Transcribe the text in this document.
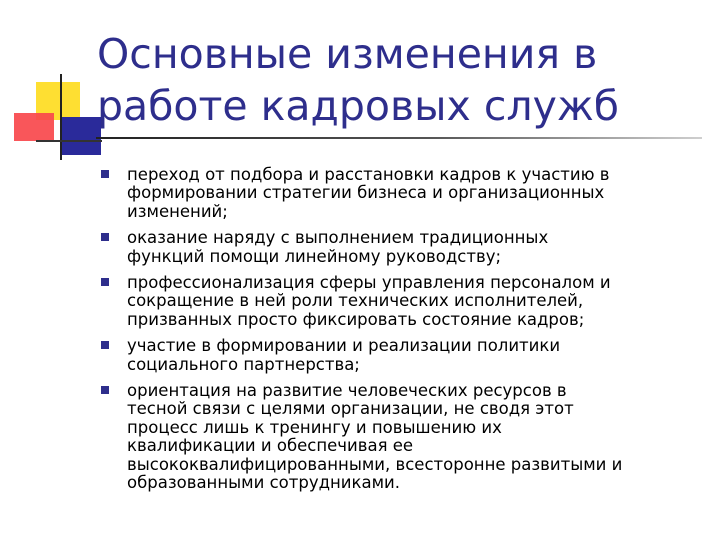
Основные изменения в
работе кадровых служб
переход от подбора и расстановки кадров к участию в
формировании стратегии бизнеса и организационных
изменений;
оказание наряду с выполнением традиционных
функций помощи линейному руководству;
профессионализация сферы управления персоналом и
сокращение в ней роли технических исполнителей,
призванных просто фиксировать состояние кадров;
участие в формировании и реализации политики
социального партнерства;
ориентация на развитие человеческих ресурсов в
тесной связи с целями организации, не сводя этот
процесс лишь к тренингу и повышению их
квалификации и обеспечивая ее
высококвалифицированными, всесторонне развитыми и
образованными сотрудниками.
